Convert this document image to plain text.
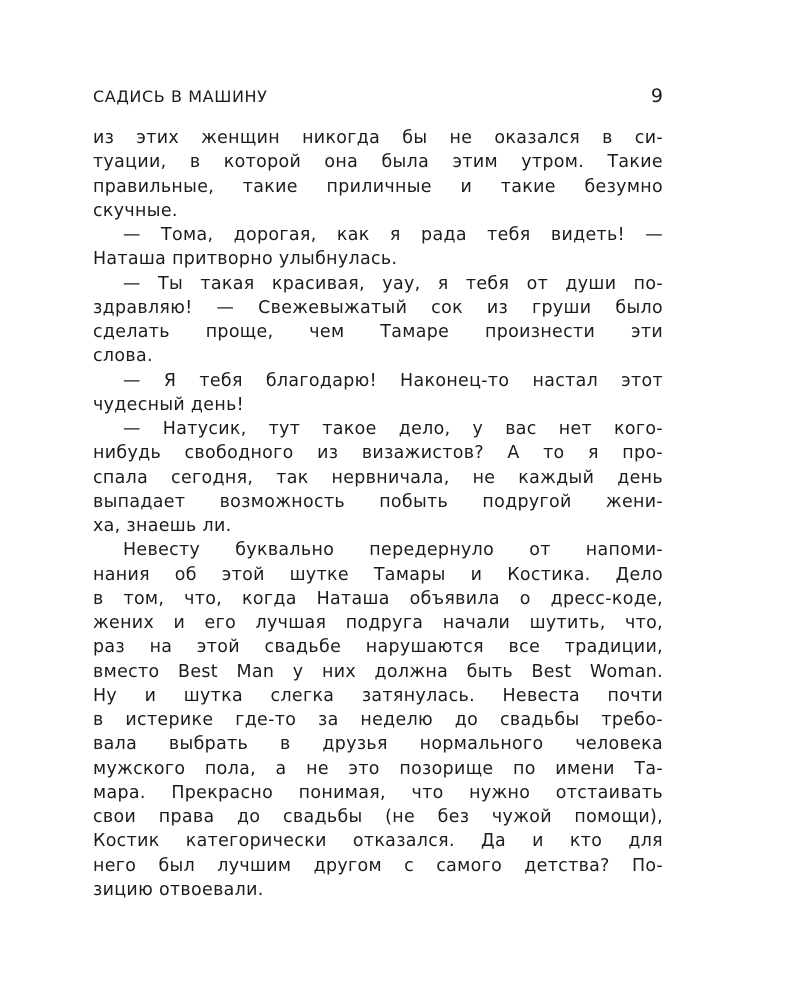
САДИСЬ В МАШИНУ	9
из этих женщин никогда бы не оказался в си-
туации, в которой она была этим утром. Такие
правильные, такие приличные и такие безумно
скучные.
— Тома, дорогая, как я рада тебя видеть! —
Наташа притворно улыбнулась.
— Ты такая красивая, уау, я тебя от души по-
здравляю! — Свежевыжатый сок из груши было
сделать проще, чем Тамаре произнести эти
слова.
— Я тебя благодарю! Наконец-то настал этот
чудесный день!
— Натусик, тут такое дело, у вас нет кого-
нибудь свободного из визажистов? А то я про-
спала сегодня, так нервничала, не каждый день
выпадает возможность побыть подругой жени-
ха, знаешь ли.
Невесту буквально передернуло от напоми-
нания об этой шутке Тамары и Костика. Дело
в том, что, когда Наташа объявила о дресс-коде,
жених и его лучшая подруга начали шутить, что,
раз на этой свадьбе нарушаются все традиции,
вместо Best Man у них должна быть Best Woman.
Ну и шутка слегка затянулась. Невеста почти
в истерике где-то за неделю до свадьбы требо-
вала выбрать в друзья нормального человека
мужского пола, а не это позорище по имени Та-
мара. Прекрасно понимая, что нужно отстаивать
свои права до свадьбы (не без чужой помощи),
Костик категорически отказался. Да и кто для
него был лучшим другом с самого детства? По-
зицию отвоевали.
